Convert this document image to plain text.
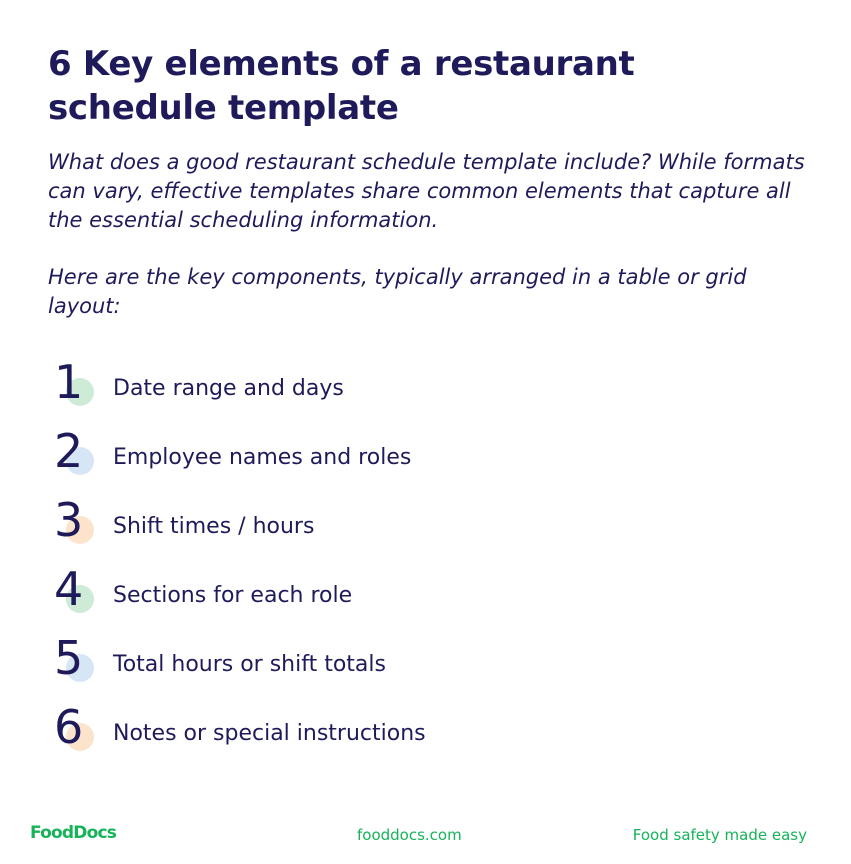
6 Key elements of a restaurant schedule template

What does a good restaurant schedule template include? While formats can vary, effective templates share common elements that capture all the essential scheduling information.

Here are the key components, typically arranged in a table or grid layout:

1 Date range and days
2 Employee names and roles
3 Shift times / hours
4 Sections for each role
5 Total hours or shift totals
6 Notes or special instructions
FoodDocs	fooddocs.com	Food safety made easy
